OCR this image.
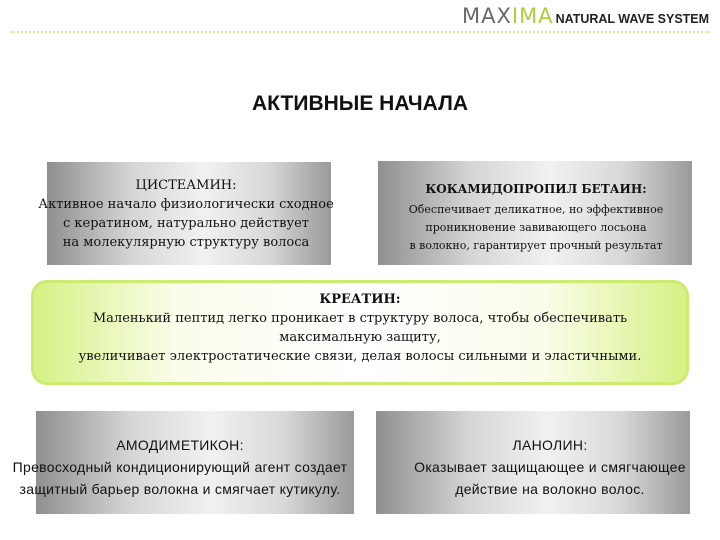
MAXIMA NATURAL WAVE SYSTEM
АКТИВНЫЕ НАЧАЛА
ЦИСТЕАМИН:
Активное начало физиологически сходное
с кератином, натурально действует
на молекулярную структуру волоса
КОКАМИДОПРОПИЛ БЕТАИН:
Обеспечивает деликатное, но эффективное
проникновение завивающего лосьона
в волокно, гарантирует прочный результат
КРЕАТИН:
Маленький пептид легко проникает в структуру волоса, чтобы обеспечивать
максимальную защиту,
увеличивает электростатические связи, делая волосы сильными и эластичными.
АМОДИМЕТИКОН:
Превосходный кондиционирующий агент создает
защитный барьер волокна и смягчает кутикулу.
ЛАНОЛИН:
Оказывает защищающее и смягчающее
действие на волокно волос.
